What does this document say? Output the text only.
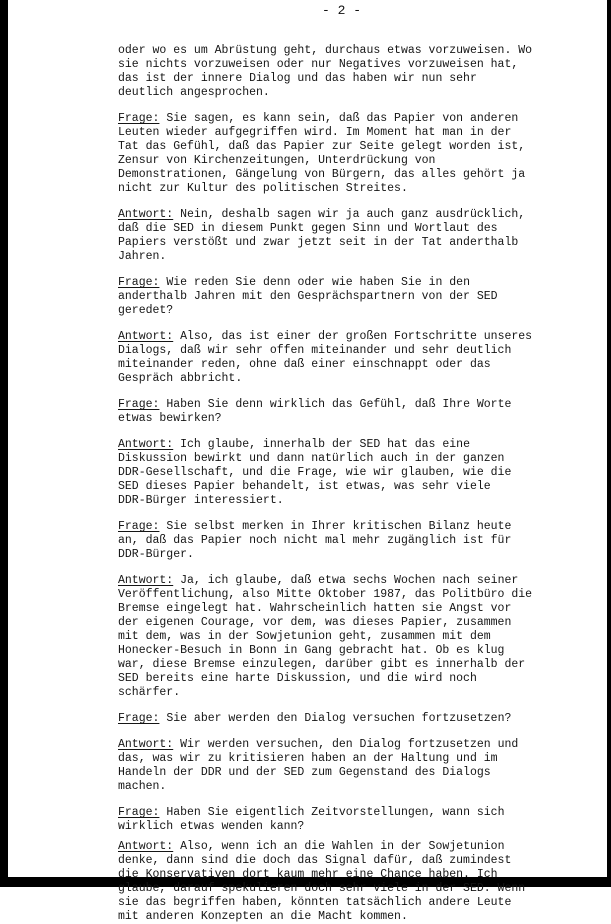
- 2 -
oder wo es um Abrüstung geht, durchaus etwas vorzuweisen. Wo
sie nichts vorzuweisen oder nur Negatives vorzuweisen hat,
das ist der innere Dialog und das haben wir nun sehr
deutlich angesprochen.
Frage: Sie sagen, es kann sein, daß das Papier von anderen
Leuten wieder aufgegriffen wird. Im Moment hat man in der
Tat das Gefühl, daß das Papier zur Seite gelegt worden ist,
Zensur von Kirchenzeitungen, Unterdrückung von
Demonstrationen, Gängelung von Bürgern, das alles gehört ja
nicht zur Kultur des politischen Streites.
Antwort: Nein, deshalb sagen wir ja auch ganz ausdrücklich,
daß die SED in diesem Punkt gegen Sinn und Wortlaut des
Papiers verstößt und zwar jetzt seit in der Tat anderthalb
Jahren.
Frage: Wie reden Sie denn oder wie haben Sie in den
anderthalb Jahren mit den Gesprächspartnern von der SED
geredet?
Antwort: Also, das ist einer der großen Fortschritte unseres
Dialogs, daß wir sehr offen miteinander und sehr deutlich
miteinander reden, ohne daß einer einschnappt oder das
Gespräch abbricht.
Frage: Haben Sie denn wirklich das Gefühl, daß Ihre Worte
etwas bewirken?
Antwort: Ich glaube, innerhalb der SED hat das eine
Diskussion bewirkt und dann natürlich auch in der ganzen
DDR-Gesellschaft, und die Frage, wie wir glauben, wie die
SED dieses Papier behandelt, ist etwas, was sehr viele
DDR-Bürger interessiert.
Frage: Sie selbst merken in Ihrer kritischen Bilanz heute
an, daß das Papier noch nicht mal mehr zugänglich ist für
DDR-Bürger.
Antwort: Ja, ich glaube, daß etwa sechs Wochen nach seiner
Veröffentlichung, also Mitte Oktober 1987, das Politbüro die
Bremse eingelegt hat. Wahrscheinlich hatten sie Angst vor
der eigenen Courage, vor dem, was dieses Papier, zusammen
mit dem, was in der Sowjetunion geht, zusammen mit dem
Honecker-Besuch in Bonn in Gang gebracht hat. Ob es klug
war, diese Bremse einzulegen, darüber gibt es innerhalb der
SED bereits eine harte Diskussion, und die wird noch
schärfer.
Frage: Sie aber werden den Dialog versuchen fortzusetzen?
Antwort: Wir werden versuchen, den Dialog fortzusetzen und
das, was wir zu kritisieren haben an der Haltung und im
Handeln der DDR und der SED zum Gegenstand des Dialogs
machen.
Frage: Haben Sie eigentlich Zeitvorstellungen, wann sich
wirklich etwas wenden kann?
Antwort: Also, wenn ich an die Wahlen in der Sowjetunion
denke, dann sind die doch das Signal dafür, daß zumindest
die Konservativen dort kaum mehr eine Chance haben. Ich
glaube, darauf spekulieren doch sehr viele in der SED. Wenn
sie das begriffen haben, könnten tatsächlich andere Leute
mit anderen Konzepten an die Macht kommen.
